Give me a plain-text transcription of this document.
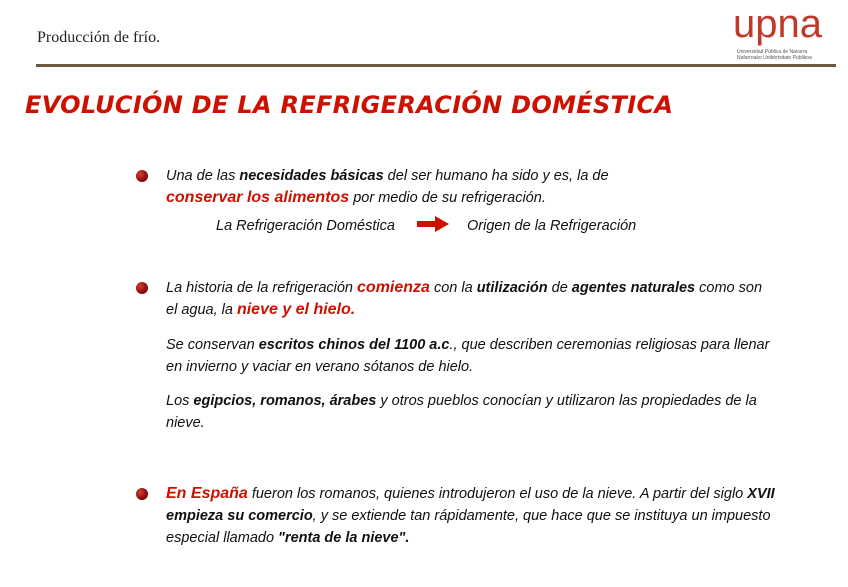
Producción de frío.	upna
Universidad Pública de Navarra
Nafarroako Unibertsitate Publikoa
EVOLUCIÓN DE LA REFRIGERACIÓN DOMÉSTICA
Una de las necesidades básicas del ser humano ha sido y es, la de
conservar los alimentos por medio de su refrigeración.
La Refrigeración Doméstica	Origen de la Refrigeración
La historia de la refrigeración comienza con la utilización de agentes naturales como son el agua, la nieve y el hielo.
Se conservan escritos chinos del 1100 a.c., que describen ceremonias religiosas para llenar en invierno y vaciar en verano sótanos de hielo.
Los egipcios, romanos, árabes y otros pueblos conocían y utilizaron las propiedades de la nieve.
En España fueron los romanos, quienes introdujeron el uso de la nieve. A partir del siglo XVII empieza su comercio, y se extiende tan rápidamente, que hace que se instituya un impuesto especial llamado "renta de la nieve".
